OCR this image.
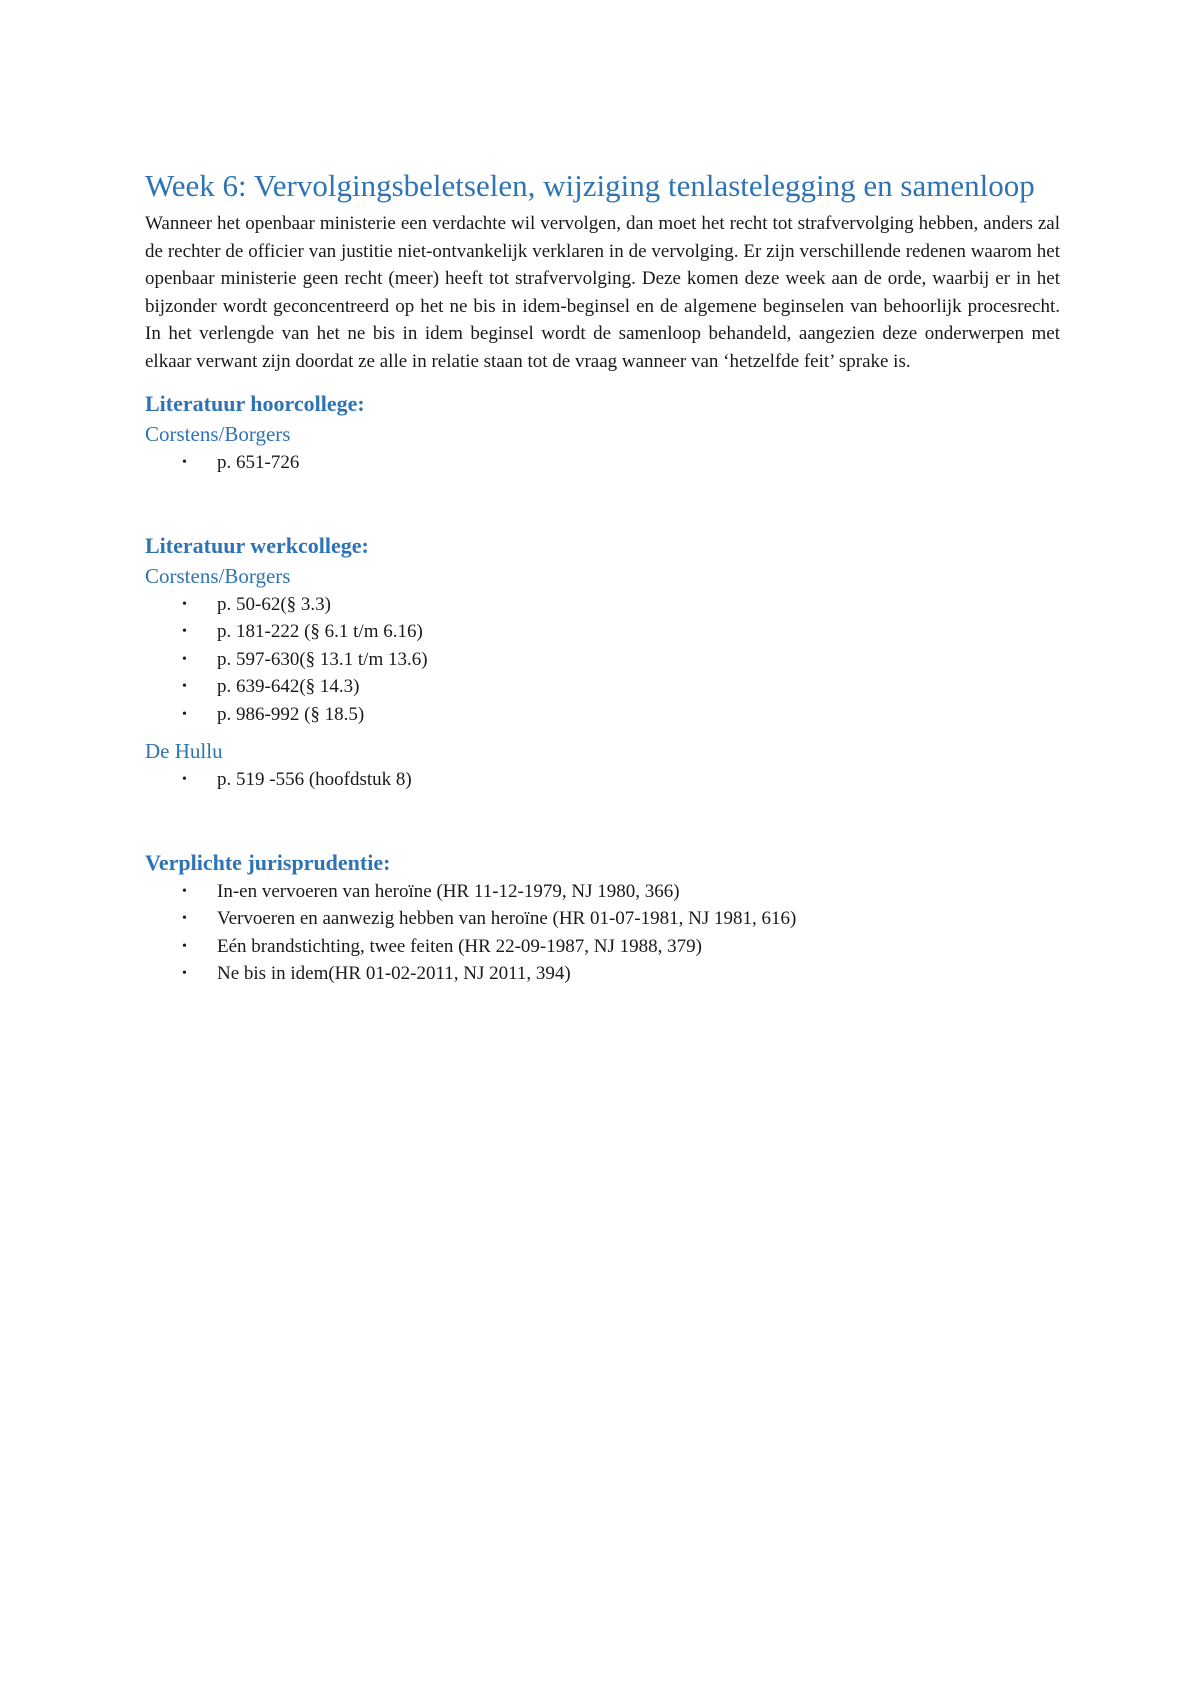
Week 6: Vervolgingsbeletselen, wijziging tenlastelegging en samenloop

Wanneer het openbaar ministerie een verdachte wil vervolgen, dan moet het recht tot strafvervolging hebben, anders zal de rechter de officier van justitie niet-ontvankelijk verklaren in de vervolging. Er zijn verschillende redenen waarom het openbaar ministerie geen recht (meer) heeft tot strafvervolging. Deze komen deze week aan de orde, waarbij er in het bijzonder wordt geconcentreerd op het ne bis in idem-beginsel en de algemene beginselen van behoorlijk procesrecht. In het verlengde van het ne bis in idem beginsel wordt de samenloop behandeld, aangezien deze onderwerpen met elkaar verwant zijn doordat ze alle in relatie staan tot de vraag wanneer van ‘hetzelfde feit’ sprake is.

Literatuur hoorcollege:
Corstens/Borgers
• p. 651-726
Literatuur werkcollege:
Corstens/Borgers
• p. 50-62(§ 3.3)
• p. 181-222 (§ 6.1 t/m 6.16)
• p. 597-630(§ 13.1 t/m 13.6)
• p. 639-642(§ 14.3)
• p. 986-992 (§ 18.5)
De Hullu
• p. 519 -556 (hoofdstuk 8)
Verplichte jurisprudentie:
• In-en vervoeren van heroïne (HR 11-12-1979, NJ 1980, 366)
• Vervoeren en aanwezig hebben van heroïne (HR 01-07-1981, NJ 1981, 616)
• Eén brandstichting, twee feiten (HR 22-09-1987, NJ 1988, 379)
• Ne bis in idem(HR 01-02-2011, NJ 2011, 394)
